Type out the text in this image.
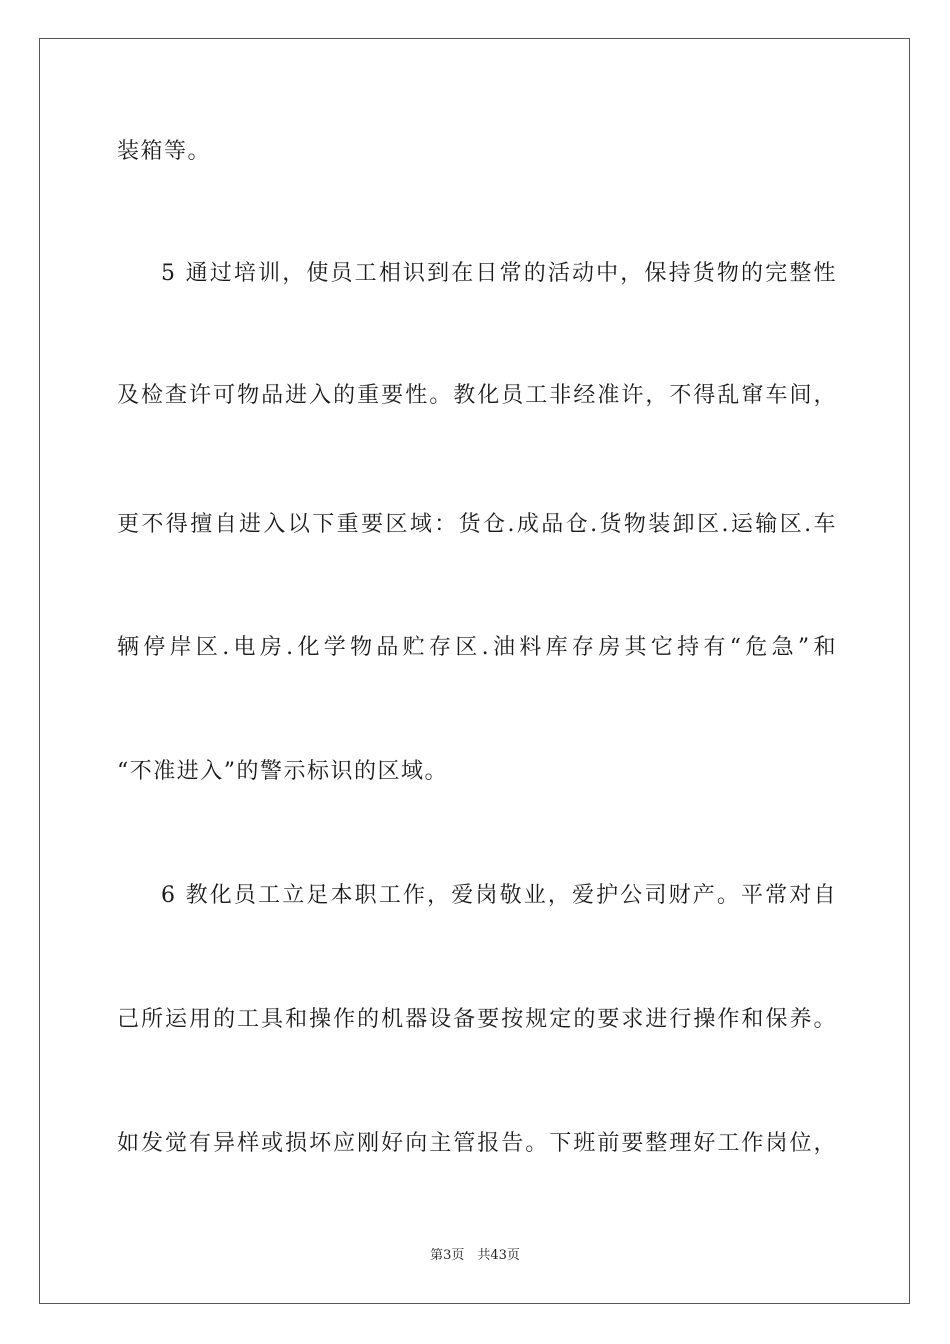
装箱等。
5 通过培训，使员工相识到在日常的活动中，保持货物的完整性
及检查许可物品进入的重要性。教化员工非经准许，不得乱窜车间，
更不得擅自进入以下重要区域：货仓.成品仓.货物装卸区.运输区.车
辆停岸区.电房.化学物品贮存区.油料库存房其它持有“危急”和
“不准进入”的警示标识的区域。
6 教化员工立足本职工作，爱岗敬业，爱护公司财产。平常对自
己所运用的工具和操作的机器设备要按规定的要求进行操作和保养。
如发觉有异样或损坏应刚好向主管报告。下班前要整理好工作岗位，
第3页　共43页
